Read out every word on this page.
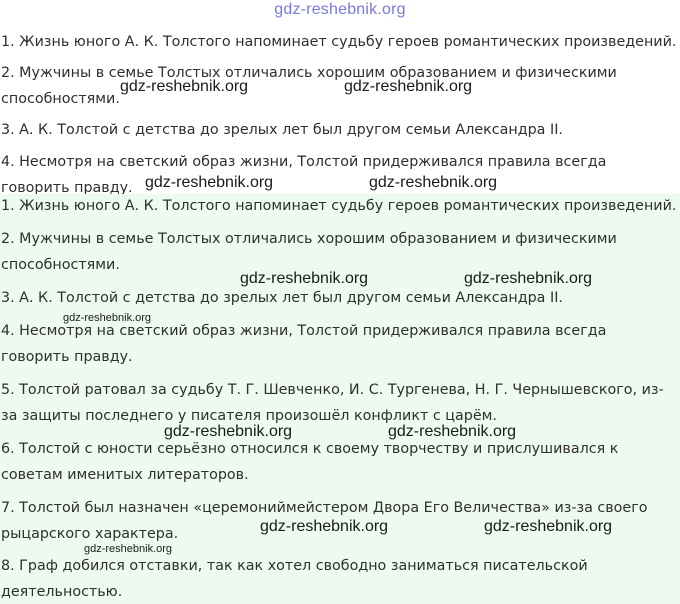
gdz-reshebnik.org
1. Жизнь юного А. К. Толстого напоминает судьбу героев романтических произведений.
2. Мужчины в семье Толстых отличались хорошим образованием и физическими способностями.
3. А. К. Толстой с детства до зрелых лет был другом семьи Александра II.
4. Несмотря на светский образ жизни, Толстой придерживался правила всегда говорить правду.
1. Жизнь юного А. К. Толстого напоминает судьбу героев романтических произведений.
2. Мужчины в семье Толстых отличались хорошим образованием и физическими способностями.
3. А. К. Толстой с детства до зрелых лет был другом семьи Александра II.
4. Несмотря на светский образ жизни, Толстой придерживался правила всегда говорить правду.
5. Толстой ратовал за судьбу Т. Г. Шевченко, И. С. Тургенева, Н. Г. Чернышевского, из-за защиты последнего у писателя произошёл конфликт с царём.
6. Толстой с юности серьёзно относился к своему творчеству и прислушивался к советам именитых литераторов.
7. Толстой был назначен «церемониймейстером Двора Его Величества» из-за своего рыцарского характера.
8. Граф добился отставки, так как хотел свободно заниматься писательской деятельностью.
gdz-reshebnik.org	gdz-reshebnik.org
gdz-reshebnik.org	gdz-reshebnik.org
gdz-reshebnik.org	gdz-reshebnik.org
gdz-reshebnik.org
gdz-reshebnik.org	gdz-reshebnik.org
gdz-reshebnik.org	gdz-reshebnik.org
gdz-reshebnik.org
